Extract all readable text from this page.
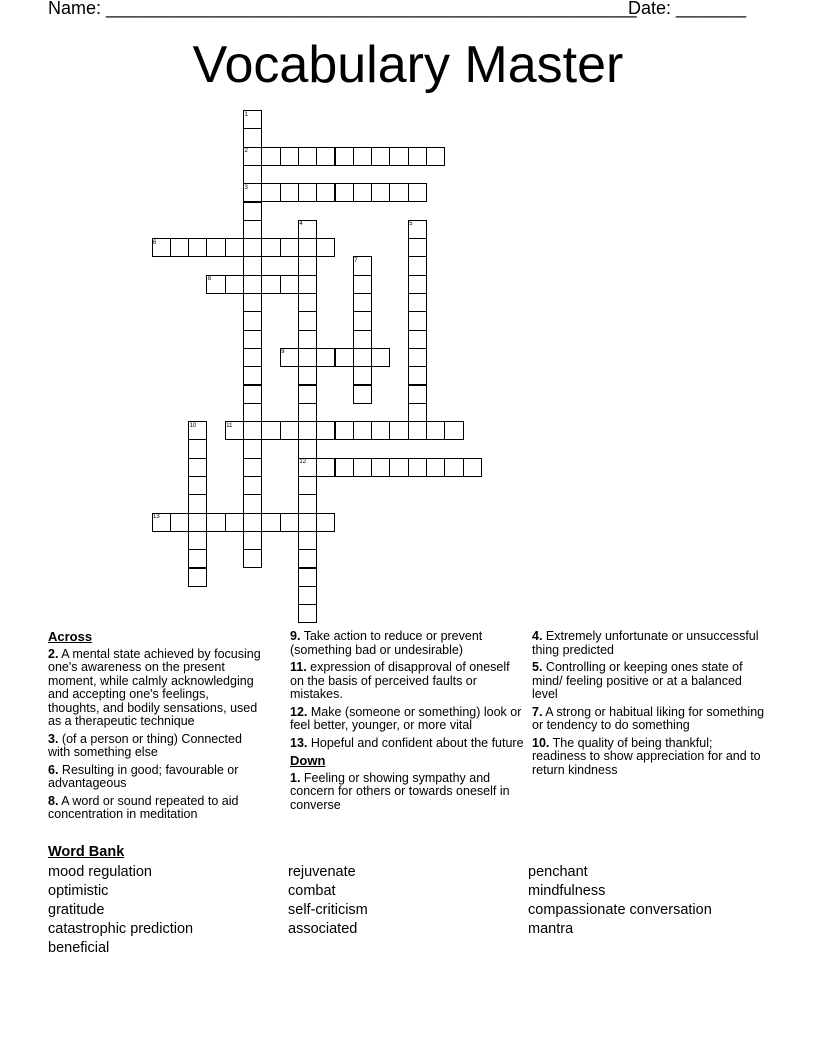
Name: _____________________________________________________
Date: _______
Vocabulary Master
1
2
3
4	5
6
7
8
9
10	11
12
13
Across
2. A mental state achieved by focusing one's awareness on the present moment, while calmly acknowledging and accepting one's feelings, thoughts, and bodily sensations, used as a therapeutic technique
3. (of a person or thing) Connected with something else
6. Resulting in good; favourable or advantageous
8. A word or sound repeated to aid concentration in meditation
9. Take action to reduce or prevent (something bad or undesirable)
11. expression of disapproval of oneself on the basis of perceived faults or mistakes.
12. Make (someone or something) look or feel better, younger, or more vital
13. Hopeful and confident about the future
Down
1. Feeling or showing sympathy and concern for others or towards oneself in converse
4. Extremely unfortunate or unsuccessful thing predicted
5. Controlling or keeping ones state of mind/ feeling positive or at a balanced level
7. A strong or habitual liking for something or tendency to do something
10. The quality of being thankful; readiness to show appreciation for and to return kindness
Word Bank
mood regulation
optimistic
gratitude
catastrophic prediction
beneficial
rejuvenate
combat
self-criticism
associated
penchant
mindfulness
compassionate conversation
mantra
